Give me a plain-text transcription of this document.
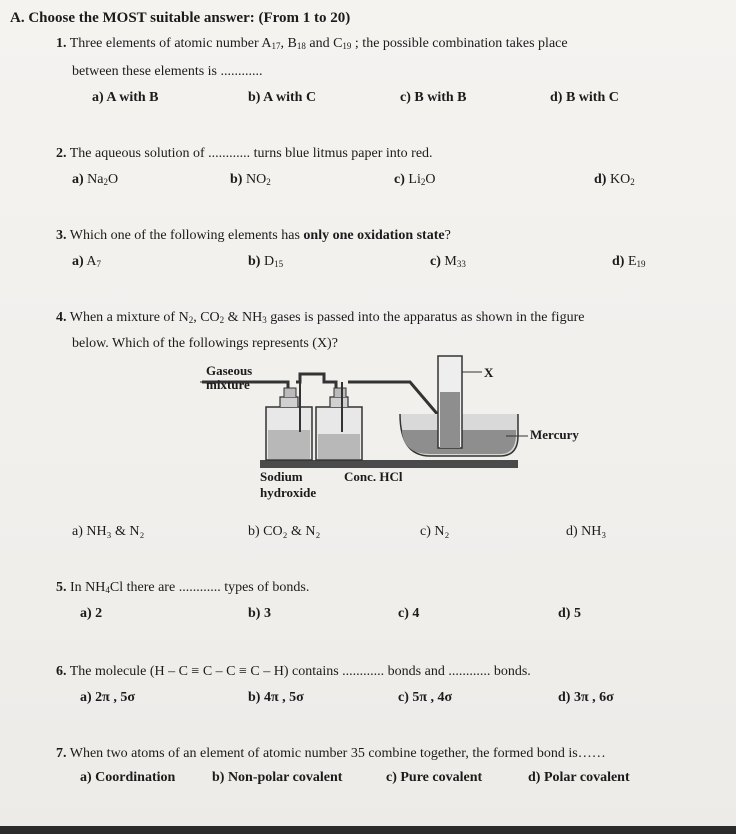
A. Choose the MOST suitable answer: (From 1 to 20)
1. Three elements of atomic number $A_{17}$, $B_{18}$ and $C_{19}$ ; the possible combination takes place
between these elements is ............
a) A with B	b) A with C	c) B with B	d) B with C
2. The aqueous solution of ............ turns blue litmus paper into red.
a) $Na_2O$	b) $NO_2$	c) $Li_2O$	d) $KO_2$
3. Which one of the following elements has only one oxidation state?
a) $A_7$	b) $D_{15}$	c) $M_{33}$	d) $E_{19}$
4. When a mixture of $N_2$, $CO_2$ & $NH_3$ gases is passed into the apparatus as shown in the figure
below. Which of the followings represents (X)?
Gaseous
mixture
X
Mercury
Sodium
hydroxide
Conc. HCl
a) NH₃ & N₂	b) CO₂ & N₂	c) N₂	d) NH₃
5. In $NH_4Cl$ there are ............ types of bonds.
a) 2	b) 3	c) 4	d) 5
6. The molecule (H – C ≡ C – C ≡ C – H) contains ............ bonds and ............ bonds.
a) 2π , 5σ	b) 4π , 5σ	c) 5π , 4σ	d) 3π , 6σ
7. When two atoms of an element of atomic number 35 combine together, the formed bond is……
a) Coordination	b) Non-polar covalent	c) Pure covalent	d) Polar covalent
